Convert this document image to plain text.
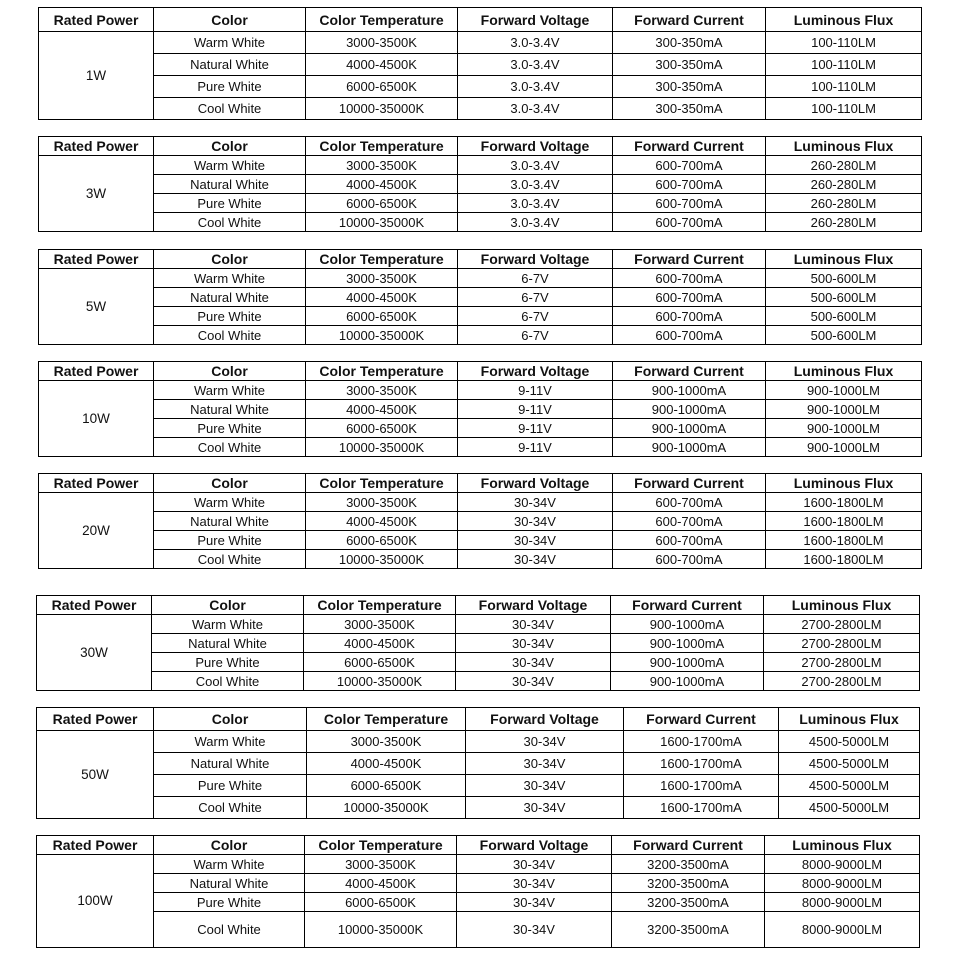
Rated Power	Color	Color Temperature	Forward Voltage	Forward Current	Luminous Flux
1W	Warm White	3000-3500K	3.0-3.4V	300-350mA	100-110LM
	Natural White	4000-4500K	3.0-3.4V	300-350mA	100-110LM
	Pure White	6000-6500K	3.0-3.4V	300-350mA	100-110LM
	Cool White	10000-35000K	3.0-3.4V	300-350mA	100-110LM
Rated Power	Color	Color Temperature	Forward Voltage	Forward Current	Luminous Flux
3W	Warm White	3000-3500K	3.0-3.4V	600-700mA	260-280LM
	Natural White	4000-4500K	3.0-3.4V	600-700mA	260-280LM
	Pure White	6000-6500K	3.0-3.4V	600-700mA	260-280LM
	Cool White	10000-35000K	3.0-3.4V	600-700mA	260-280LM
Rated Power	Color	Color Temperature	Forward Voltage	Forward Current	Luminous Flux
5W	Warm White	3000-3500K	6-7V	600-700mA	500-600LM
	Natural White	4000-4500K	6-7V	600-700mA	500-600LM
	Pure White	6000-6500K	6-7V	600-700mA	500-600LM
	Cool White	10000-35000K	6-7V	600-700mA	500-600LM
Rated Power	Color	Color Temperature	Forward Voltage	Forward Current	Luminous Flux
10W	Warm White	3000-3500K	9-11V	900-1000mA	900-1000LM
	Natural White	4000-4500K	9-11V	900-1000mA	900-1000LM
	Pure White	6000-6500K	9-11V	900-1000mA	900-1000LM
	Cool White	10000-35000K	9-11V	900-1000mA	900-1000LM
Rated Power	Color	Color Temperature	Forward Voltage	Forward Current	Luminous Flux
20W	Warm White	3000-3500K	30-34V	600-700mA	1600-1800LM
	Natural White	4000-4500K	30-34V	600-700mA	1600-1800LM
	Pure White	6000-6500K	30-34V	600-700mA	1600-1800LM
	Cool White	10000-35000K	30-34V	600-700mA	1600-1800LM
Rated Power	Color	Color Temperature	Forward Voltage	Forward Current	Luminous Flux
30W	Warm White	3000-3500K	30-34V	900-1000mA	2700-2800LM
	Natural White	4000-4500K	30-34V	900-1000mA	2700-2800LM
	Pure White	6000-6500K	30-34V	900-1000mA	2700-2800LM
	Cool White	10000-35000K	30-34V	900-1000mA	2700-2800LM
Rated Power	Color	Color Temperature	Forward Voltage	Forward Current	Luminous Flux
50W	Warm White	3000-3500K	30-34V	1600-1700mA	4500-5000LM
	Natural White	4000-4500K	30-34V	1600-1700mA	4500-5000LM
	Pure White	6000-6500K	30-34V	1600-1700mA	4500-5000LM
	Cool White	10000-35000K	30-34V	1600-1700mA	4500-5000LM
Rated Power	Color	Color Temperature	Forward Voltage	Forward Current	Luminous Flux
100W	Warm White	3000-3500K	30-34V	3200-3500mA	8000-9000LM
	Natural White	4000-4500K	30-34V	3200-3500mA	8000-9000LM
	Pure White	6000-6500K	30-34V	3200-3500mA	8000-9000LM
	Cool White	10000-35000K	30-34V	3200-3500mA	8000-9000LM
